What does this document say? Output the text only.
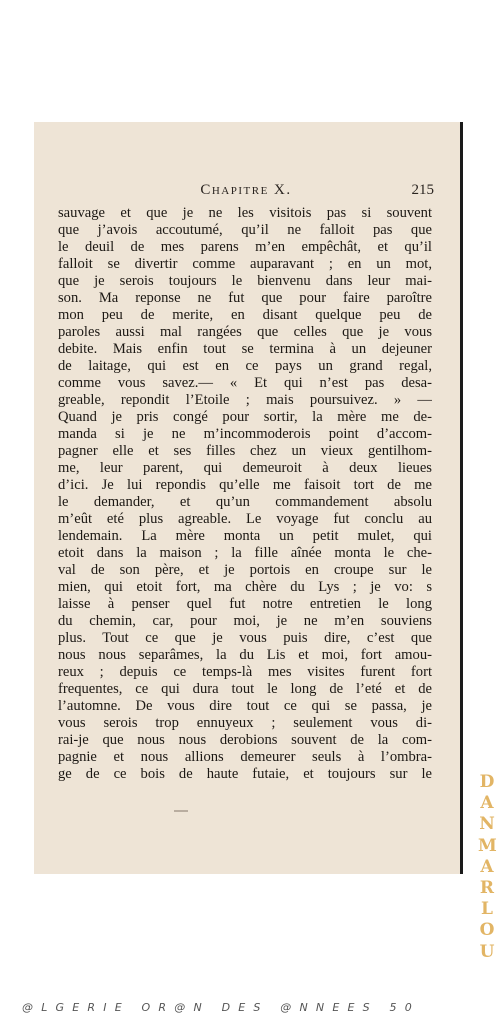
Chapitre X.	215
sauvage et que je ne les visitois pas si souvent
que j’avois accoutumé, qu’il ne falloit pas que
le deuil de mes parens m’en empêchât, et qu’il
falloit se divertir comme auparavant ; en un mot,
que je serois toujours le bienvenu dans leur mai-
son. Ma reponse ne fut que pour faire paroître
mon peu de merite, en disant quelque peu de
paroles aussi mal rangées que celles que je vous
debite. Mais enfin tout se termina à un dejeuner
de laitage, qui est en ce pays un grand regal,
comme vous savez.— « Et qui n’est pas desa-
greable, repondit l’Etoile ; mais poursuivez. » —
Quand je pris congé pour sortir, la mère me de-
manda si je ne m’incommoderois point d’accom-
pagner elle et ses filles chez un vieux gentilhom-
me, leur parent, qui demeuroit à deux lieues
d’ici. Je lui repondis qu’elle me faisoit tort de me
le demander, et qu’un commandement absolu
m’eût eté plus agreable. Le voyage fut conclu au
lendemain. La mère monta un petit mulet, qui
etoit dans la maison ; la fille aînée monta le che-
val de son père, et je portois en croupe sur le
mien, qui etoit fort, ma chère du Lys ; je vo: s
laisse à penser quel fut notre entretien le long
du chemin, car, pour moi, je ne m’en souviens
plus. Tout ce que je vous puis dire, c’est que
nous nous separâmes, la du Lis et moi, fort amou-
reux ; depuis ce temps-là mes visites furent fort
frequentes, ce qui dura tout le long de l’eté et de
l’automne. De vous dire tout ce qui se passa, je
vous serois trop ennuyeux ; seulement vous di-
rai-je que nous nous derobions souvent de la com-
pagnie et nous allions demeurer seuls à l’ombra-
ge de ce bois de haute futaie, et toujours sur le	D
A
N
M
A
R
L
O
U
@LGERIE OR@N DES @NNEES 50
